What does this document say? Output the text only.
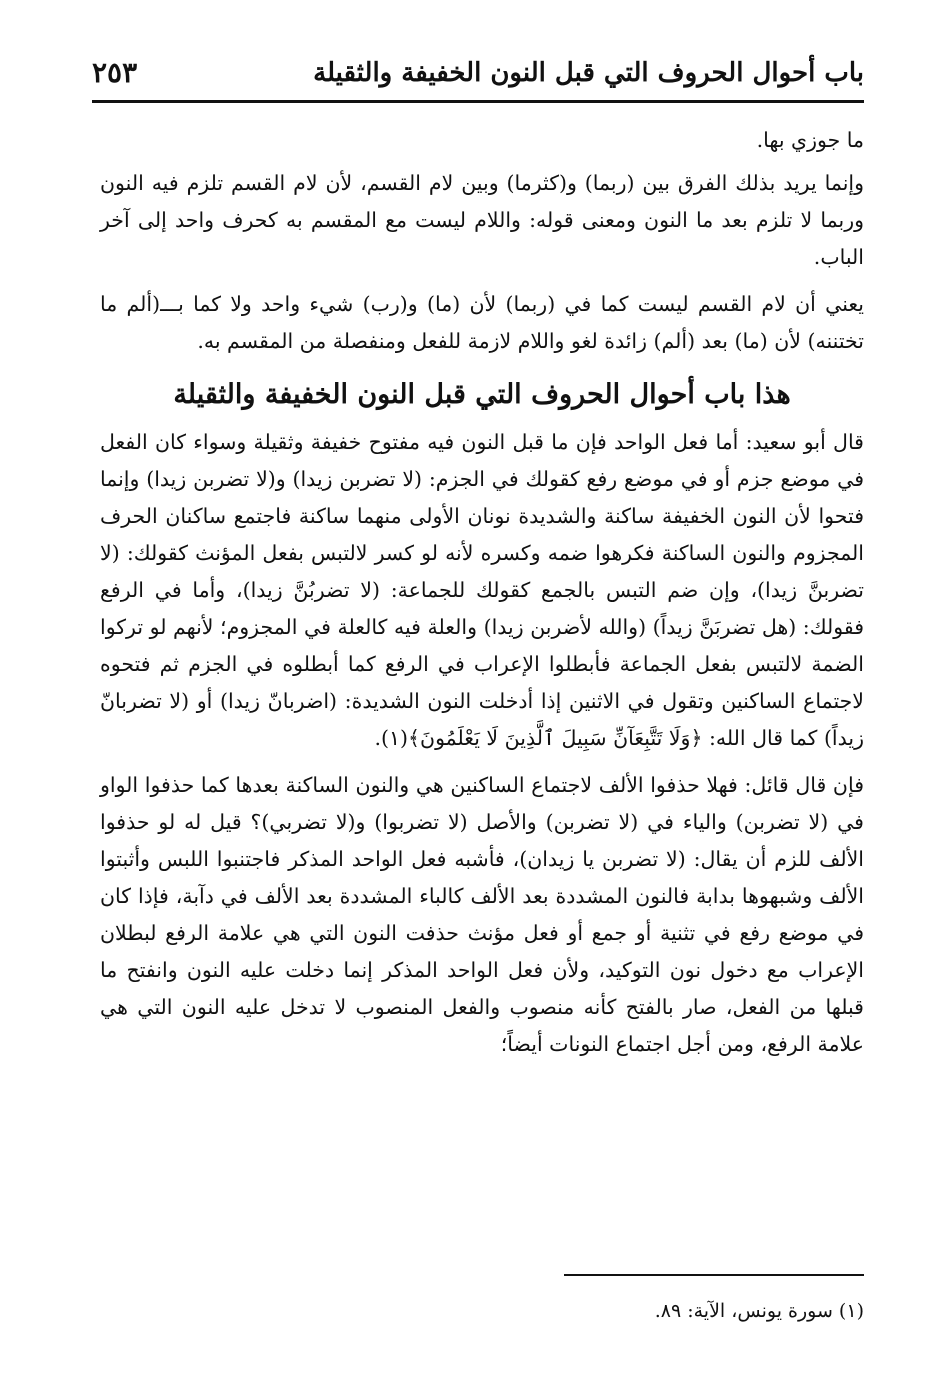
باب أحوال الحروف التي قبل النون الخفيفة والثقيلة
٢٥٣

ما جوزي بها.

وإنما يريد بذلك الفرق بين (ربما) و(كثرما) وبين لام القسم، لأن لام القسم تلزم فيه النون وربما لا تلزم بعد ما النون ومعنى قوله: واللام ليست مع المقسم به كحرف واحد إلى آخر الباب.

يعني أن لام القسم ليست كما في (ربما) لأن (ما) و(رب) شيء واحد ولا كما بـــ(ألم ما تختننه) لأن (ما) بعد (ألم) زائدة لغو واللام لازمة للفعل ومنفصلة من المقسم به.

هذا باب أحوال الحروف التي قبل النون الخفيفة والثقيلة

قال أبو سعيد: أما فعل الواحد فإن ما قبل النون فيه مفتوح خفيفة وثقيلة وسواء كان الفعل في موضع جزم أو في موضع رفع كقولك في الجزم: (لا تضربن زيدا) و(لا تضربن زيدا) وإنما فتحوا لأن النون الخفيفة ساكنة والشديدة نونان الأولى منهما ساكنة فاجتمع ساكنان الحرف المجزوم والنون الساكنة فكرهوا ضمه وكسره لأنه لو كسر لالتبس بفعل المؤنث كقولك: (لا تضربنَّ زيدا)، وإن ضم التبس بالجمع كقولك للجماعة: (لا تضربُنَّ زيدا)، وأما في الرفع فقولك: (هل تضربَنَّ زيداً) (والله لأضربن زيدا) والعلة فيه كالعلة في المجزوم؛ لأنهم لو تركوا الضمة لالتبس بفعل الجماعة فأبطلوا الإعراب في الرفع كما أبطلوه في الجزم ثم فتحوه لاجتماع الساكنين وتقول في الاثنين إذا أدخلت النون الشديدة: (اضربانّ زيدا) أو (لا تضربانّ زيداً) كما قال الله: ﴿وَلَا تَتَّبِعَآنِّ سَبِيلَ ٱلَّذِينَ لَا يَعْلَمُونَ﴾(١).

فإن قال قائل: فهلا حذفوا الألف لاجتماع الساكنين هي والنون الساكنة بعدها كما حذفوا الواو في (لا تضربن) والياء في (لا تضربن) والأصل (لا تضربوا) و(لا تضربي)؟ قيل له لو حذفوا الألف للزم أن يقال: (لا تضربن يا زيدان)، فأشبه فعل الواحد المذكر فاجتنبوا اللبس وأثبتوا الألف وشبهوها بدابة فالنون المشددة بعد الألف كالباء المشددة بعد الألف في دآبة، فإذا كان في موضع رفع في تثنية أو جمع أو فعل مؤنث حذفت النون التي هي علامة الرفع لبطلان الإعراب مع دخول نون التوكيد، ولأن فعل الواحد المذكر إنما دخلت عليه النون وانفتح ما قبلها من الفعل، صار بالفتح كأنه منصوب والفعل المنصوب لا تدخل عليه النون التي هي علامة الرفع، ومن أجل اجتماع النونات أيضاً؛

(١) سورة يونس، الآية: ٨٩.
